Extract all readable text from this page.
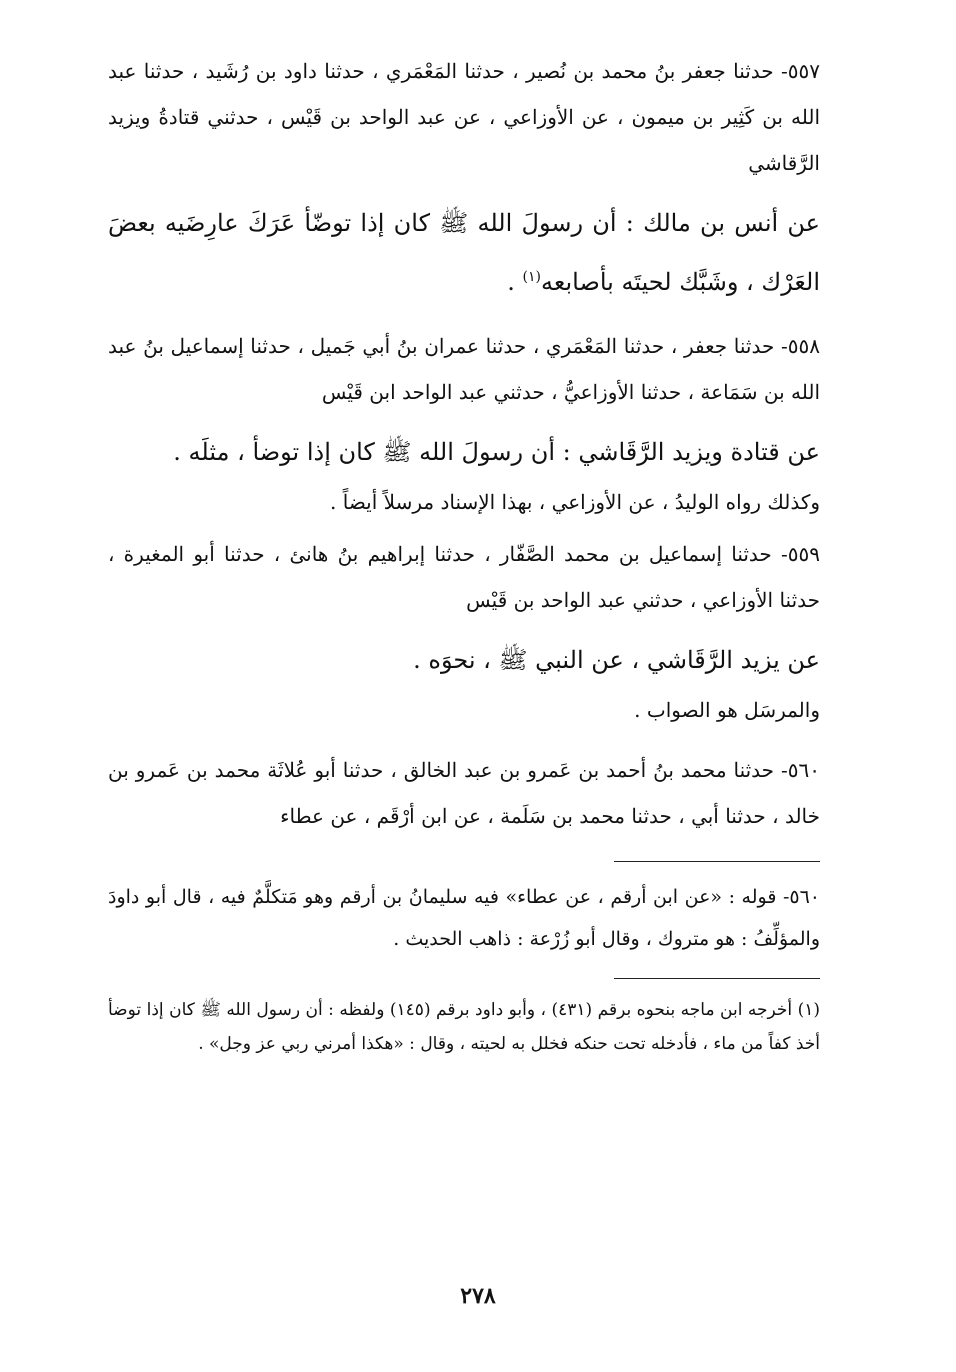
٥٥٧- حدثنا جعفر بنُ محمد بن نُصير ، حدثنا المَعْمَري ، حدثنا داود بن رُشَيد ، حدثنا عبد الله بن كَثِير بن ميمون ، عن الأوزاعي ، عن عبد الواحد بن قَيْس ، حدثني قتادةُ ويزيد الرَّقاشي

عن أنس بن مالك : أن رسولَ الله ﷺ كان إذا توضّأ عَرَكَ عارِضَيه بعضَ العَرْك ، وشَبَّك لحيتَه بأصابعه$^{(١)}$ .

٥٥٨- حدثنا جعفر ، حدثنا المَعْمَري ، حدثنا عمران بنُ أبي جَميل ، حدثنا إسماعيل بنُ عبد الله بن سَمَاعة ، حدثنا الأوزاعيُّ ، حدثني عبد الواحد ابن قَيْس

عن قتادة ويزيد الرَّقَاشي : أن رسولَ الله ﷺ كان إذا توضأ ، مثلَه .

وكذلك رواه الوليدُ ، عن الأوزاعي ، بهذا الإسناد مرسلاً أيضاً .

٥٥٩- حدثنا إسماعيل بن محمد الصَّفّار ، حدثنا إبراهيم بنُ هانئ ، حدثنا أبو المغيرة ، حدثنا الأوزاعي ، حدثني عبد الواحد بن قَيْس

عن يزيد الرَّقَاشي ، عن النبي ﷺ ، نحوَه .

والمرسَل هو الصواب .

٥٦٠- حدثنا محمد بنُ أحمد بن عَمرو بن عبد الخالق ، حدثنا أبو عُلاثَة محمد بن عَمرو بن خالد ، حدثنا أبي ، حدثنا محمد بن سَلَمة ، عن ابن أرْقَم ، عن عطاء

٥٦٠- قوله : «عن ابن أرقم ، عن عطاء» فيه سليمانُ بن أرقم وهو مَتكلَّمٌ فيه ، قال أبو داودَ والمؤلِّفُ : هو متروك ، وقال أبو زُرْعة : ذاهب الحديث .

(١) أخرجه ابن ماجه بنحوه برقم (٤٣١) ، وأبو داود برقم (١٤٥) ولفظه : أن رسول الله ﷺ كان إذا توضأ أخذ كفاً من ماء ، فأدخله تحت حنكه فخلل به لحيته ، وقال : «هكذا أمرني ربي عز وجل» .

٢٧٨
